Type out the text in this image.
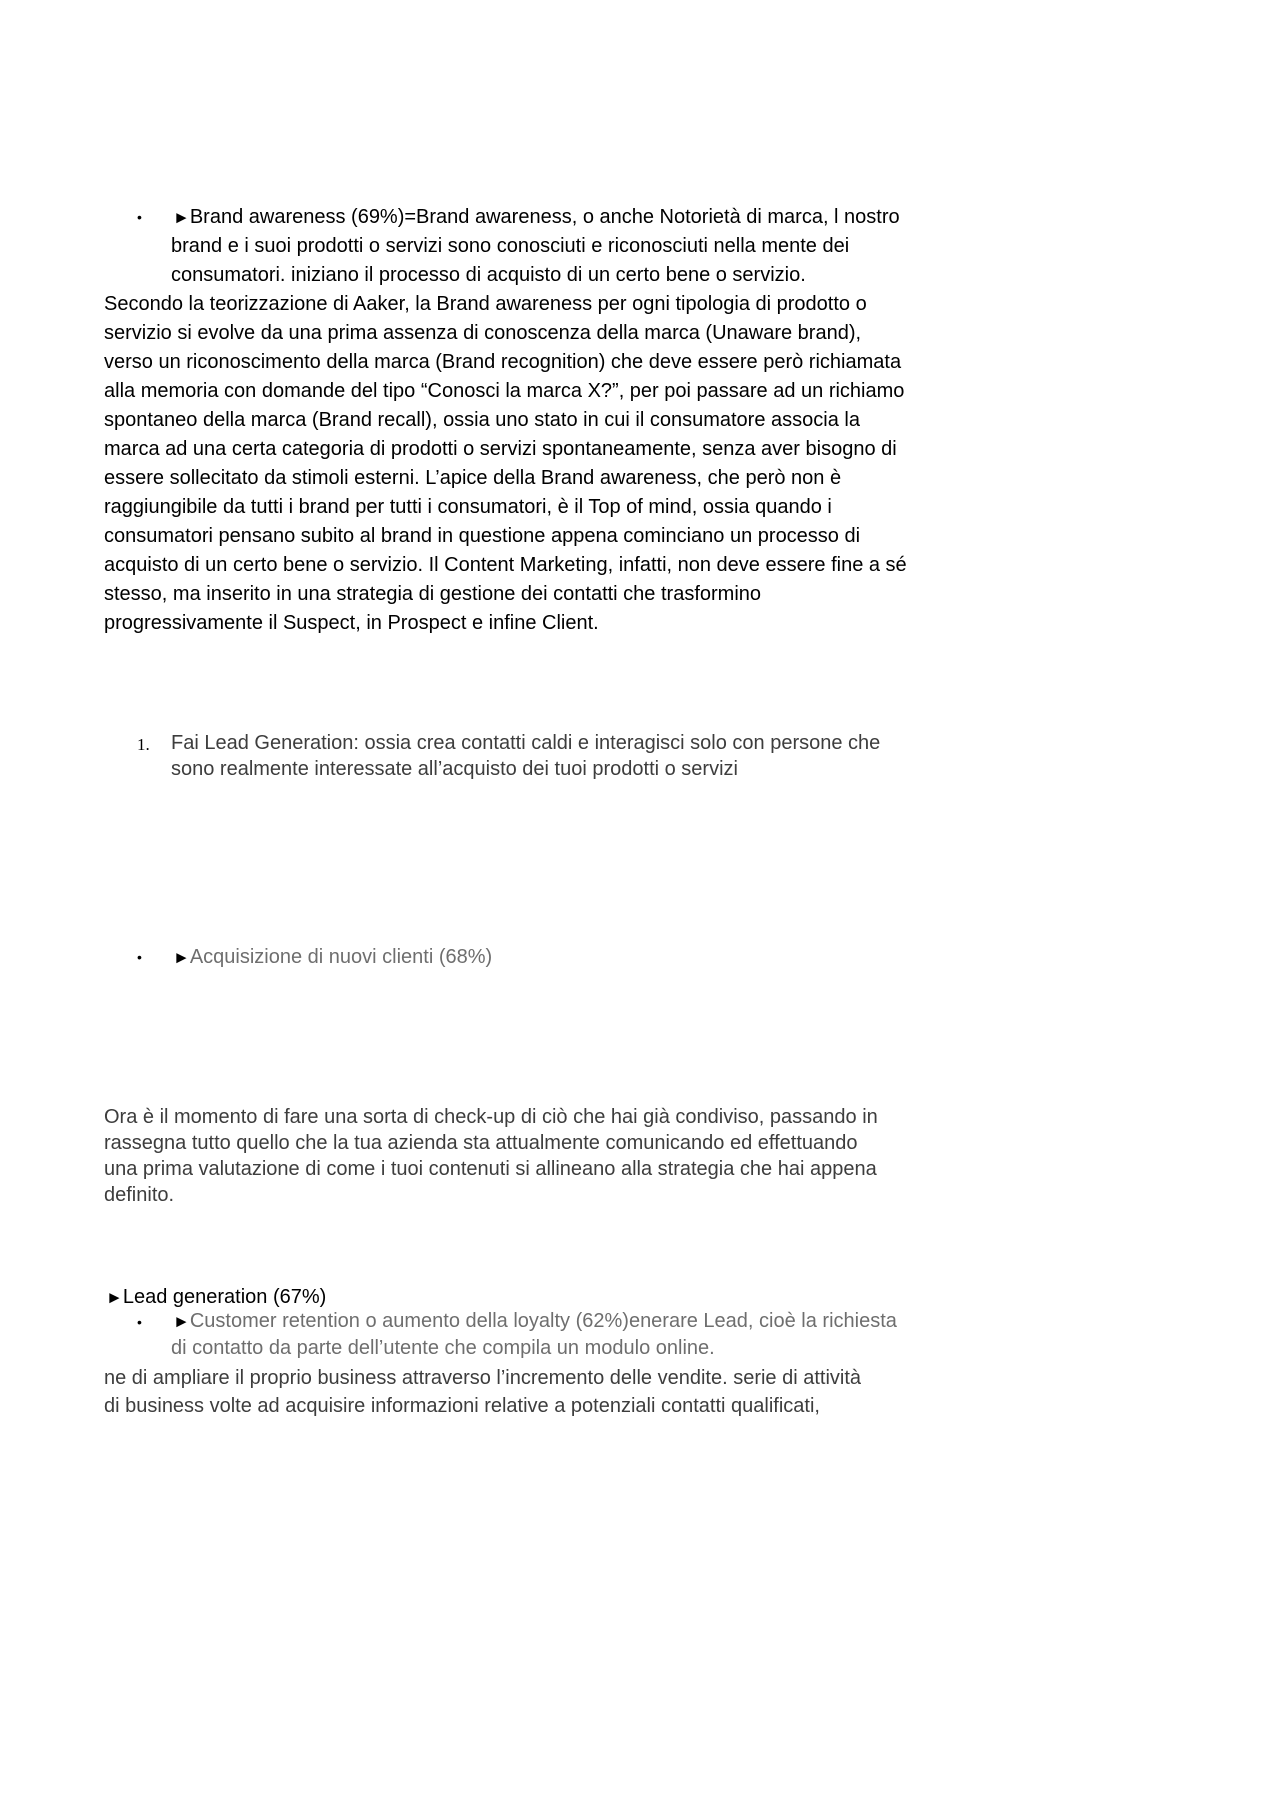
• ►Brand awareness (69%)=Brand awareness, o anche Notorietà di marca, l nostro
brand e i suoi prodotti o servizi sono conosciuti e riconosciuti nella mente dei
consumatori. iniziano il processo di acquisto di un certo bene o servizio.
Secondo la teorizzazione di Aaker, la Brand awareness per ogni tipologia di prodotto o
servizio si evolve da una prima assenza di conoscenza della marca (Unaware brand),
verso un riconoscimento della marca (Brand recognition) che deve essere però richiamata
alla memoria con domande del tipo “Conosci la marca X?”, per poi passare ad un richiamo
spontaneo della marca (Brand recall), ossia uno stato in cui il consumatore associa la
marca ad una certa categoria di prodotti o servizi spontaneamente, senza aver bisogno di
essere sollecitato da stimoli esterni. L’apice della Brand awareness, che però non è
raggiungibile da tutti i brand per tutti i consumatori, è il Top of mind, ossia quando i
consumatori pensano subito al brand in questione appena cominciano un processo di
acquisto di un certo bene o servizio. Il Content Marketing, infatti, non deve essere fine a sé
stesso, ma inserito in una strategia di gestione dei contatti che trasformino
progressivamente il Suspect, in Prospect e infine Client.
1. Fai Lead Generation: ossia crea contatti caldi e interagisci solo con persone che
sono realmente interessate all’acquisto dei tuoi prodotti o servizi
• ►Acquisizione di nuovi clienti (68%)
Ora è il momento di fare una sorta di check-up di ciò che hai già condiviso, passando in
rassegna tutto quello che la tua azienda sta attualmente comunicando ed effettuando
una prima valutazione di come i tuoi contenuti si allineano alla strategia che hai appena
definito.
►Lead generation (67%)
• ►Customer retention o aumento della loyalty (62%)enerare Lead, cioè la richiesta
di contatto da parte dell’utente che compila un modulo online.
ne di ampliare il proprio business attraverso l’incremento delle vendite. serie di attività
di business volte ad acquisire informazioni relative a potenziali contatti qualificati,
